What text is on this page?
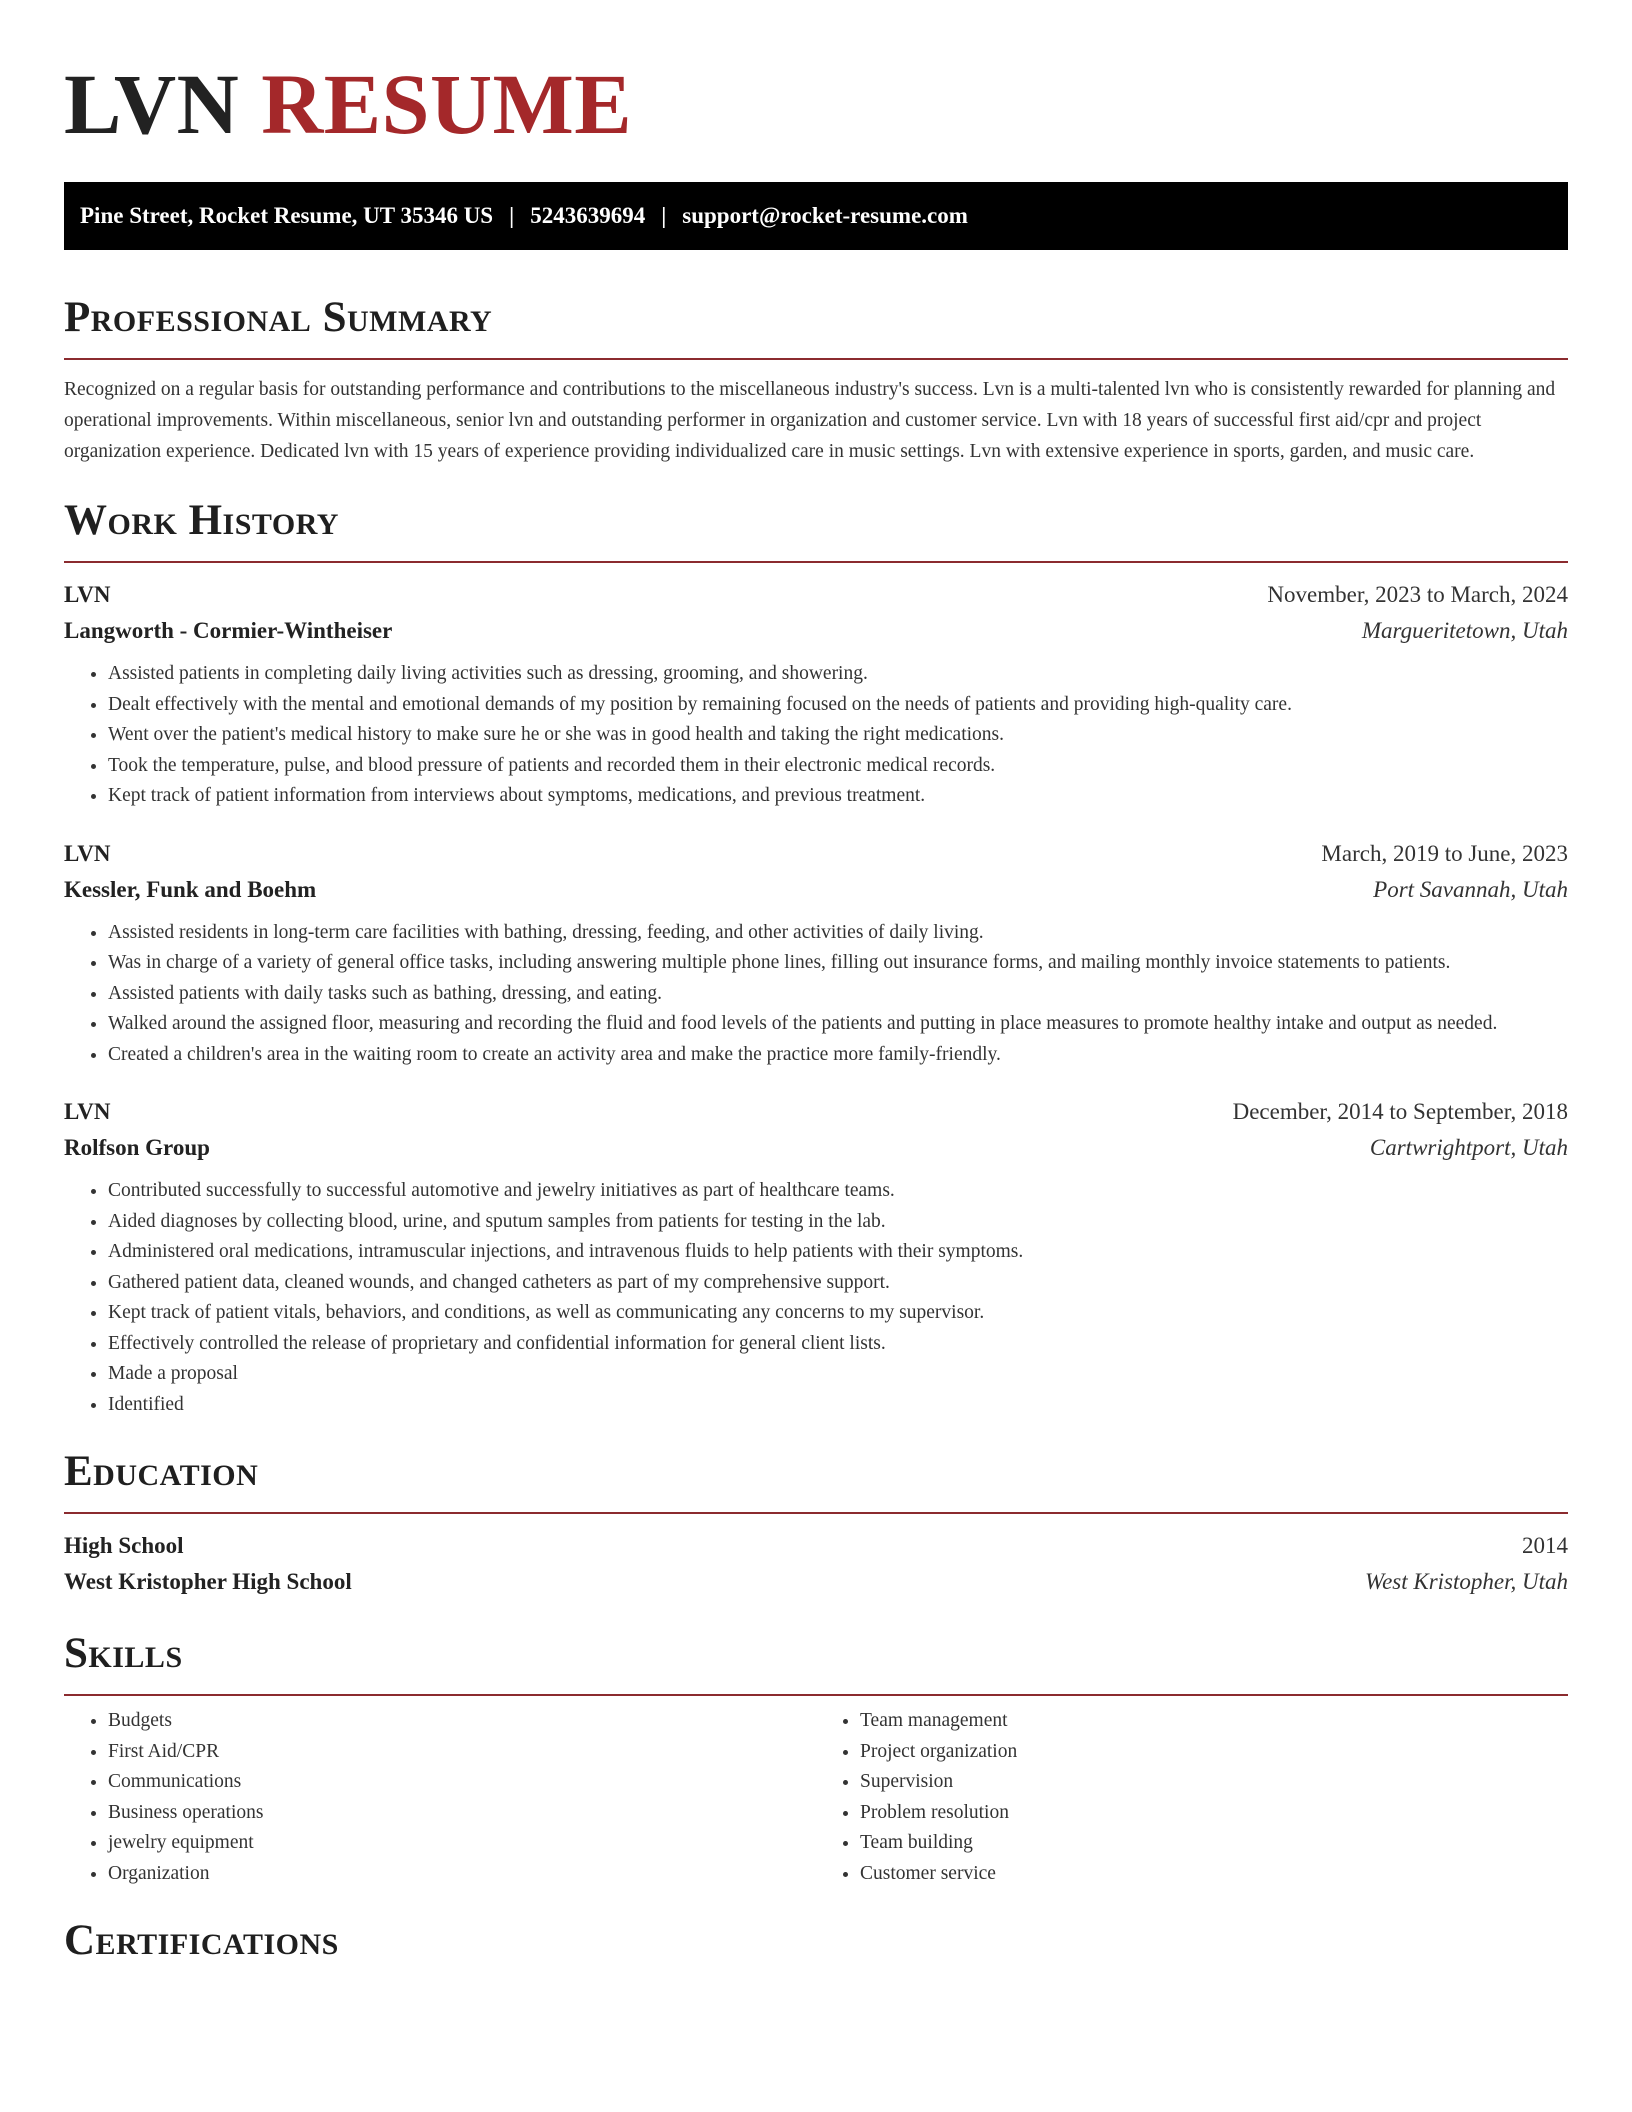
LVN RESUME
Pine Street, Rocket Resume, UT 35346 US | 5243639694 | support@rocket-resume.com
Professional Summary

Recognized on a regular basis for outstanding performance and contributions to the miscellaneous industry's success. Lvn is a multi-talented lvn who is consistently rewarded for planning and operational improvements. Within miscellaneous, senior lvn and outstanding performer in organization and customer service. Lvn with 18 years of successful first aid/cpr and project organization experience. Dedicated lvn with 15 years of experience providing individualized care in music settings. Lvn with extensive experience in sports, garden, and music care.

Work History
LVN	November, 2023 to March, 2024
Langworth - Cormier-Wintheiser	Margueritetown, Utah
• Assisted patients in completing daily living activities such as dressing, grooming, and showering.
• Dealt effectively with the mental and emotional demands of my position by remaining focused on the needs of patients and providing high-quality care.
• Went over the patient's medical history to make sure he or she was in good health and taking the right medications.
• Took the temperature, pulse, and blood pressure of patients and recorded them in their electronic medical records.
• Kept track of patient information from interviews about symptoms, medications, and previous treatment.
LVN	March, 2019 to June, 2023
Kessler, Funk and Boehm	Port Savannah, Utah
• Assisted residents in long-term care facilities with bathing, dressing, feeding, and other activities of daily living.
• Was in charge of a variety of general office tasks, including answering multiple phone lines, filling out insurance forms, and mailing monthly invoice statements to patients.
• Assisted patients with daily tasks such as bathing, dressing, and eating.
• Walked around the assigned floor, measuring and recording the fluid and food levels of the patients and putting in place measures to promote healthy intake and output as needed.
• Created a children's area in the waiting room to create an activity area and make the practice more family-friendly.
LVN	December, 2014 to September, 2018
Rolfson Group	Cartwrightport, Utah
• Contributed successfully to successful automotive and jewelry initiatives as part of healthcare teams.
• Aided diagnoses by collecting blood, urine, and sputum samples from patients for testing in the lab.
• Administered oral medications, intramuscular injections, and intravenous fluids to help patients with their symptoms.
• Gathered patient data, cleaned wounds, and changed catheters as part of my comprehensive support.
• Kept track of patient vitals, behaviors, and conditions, as well as communicating any concerns to my supervisor.
• Effectively controlled the release of proprietary and confidential information for general client lists.
• Made a proposal
• Identified
Education
High School	2014
West Kristopher High School	West Kristopher, Utah
Skills
• Budgets
• First Aid/CPR
• Communications
• Business operations
• jewelry equipment
• Organization
• Team management
• Project organization
• Supervision
• Problem resolution
• Team building
• Customer service
Certifications
